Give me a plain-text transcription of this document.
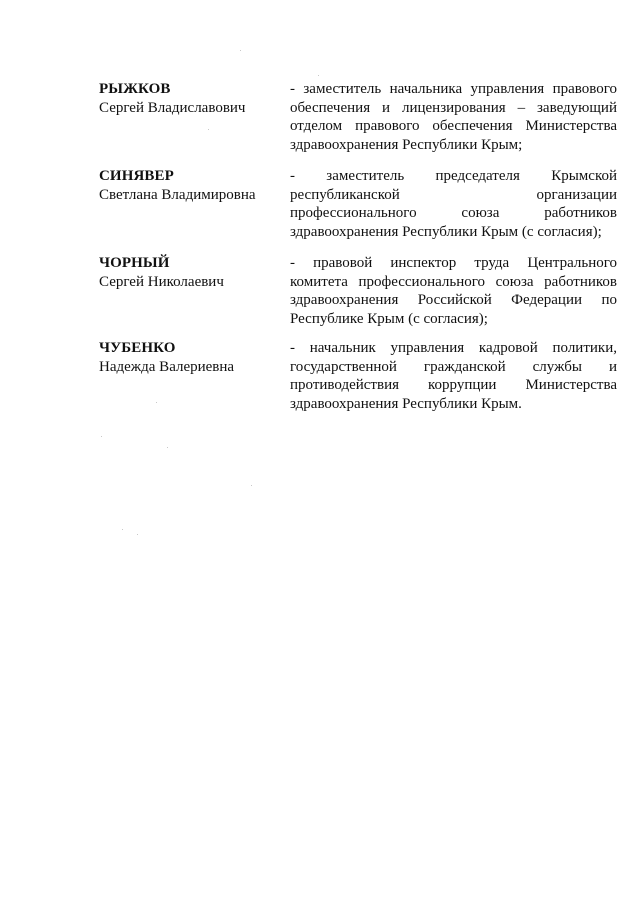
РЫЖКОВ
Сергей Владиславович
- заместитель начальника управления правового
обеспечения и лицензирования – заведующий
отделом правового обеспечения Министерства
здравоохранения Республики Крым;
СИНЯВЕР
Светлана Владимировна
- заместитель председателя Крымской
республиканской организации
профессионального союза работников
здравоохранения Республики Крым (с согласия);
ЧОРНЫЙ
Сергей Николаевич
- правовой инспектор труда Центрального
комитета профессионального союза работников
здравоохранения Российской Федерации по
Республике Крым (с согласия);
ЧУБЕНКО
Надежда Валериевна
- начальник управления кадровой политики,
государственной гражданской службы и
противодействия коррупции Министерства
здравоохранения Республики Крым.
